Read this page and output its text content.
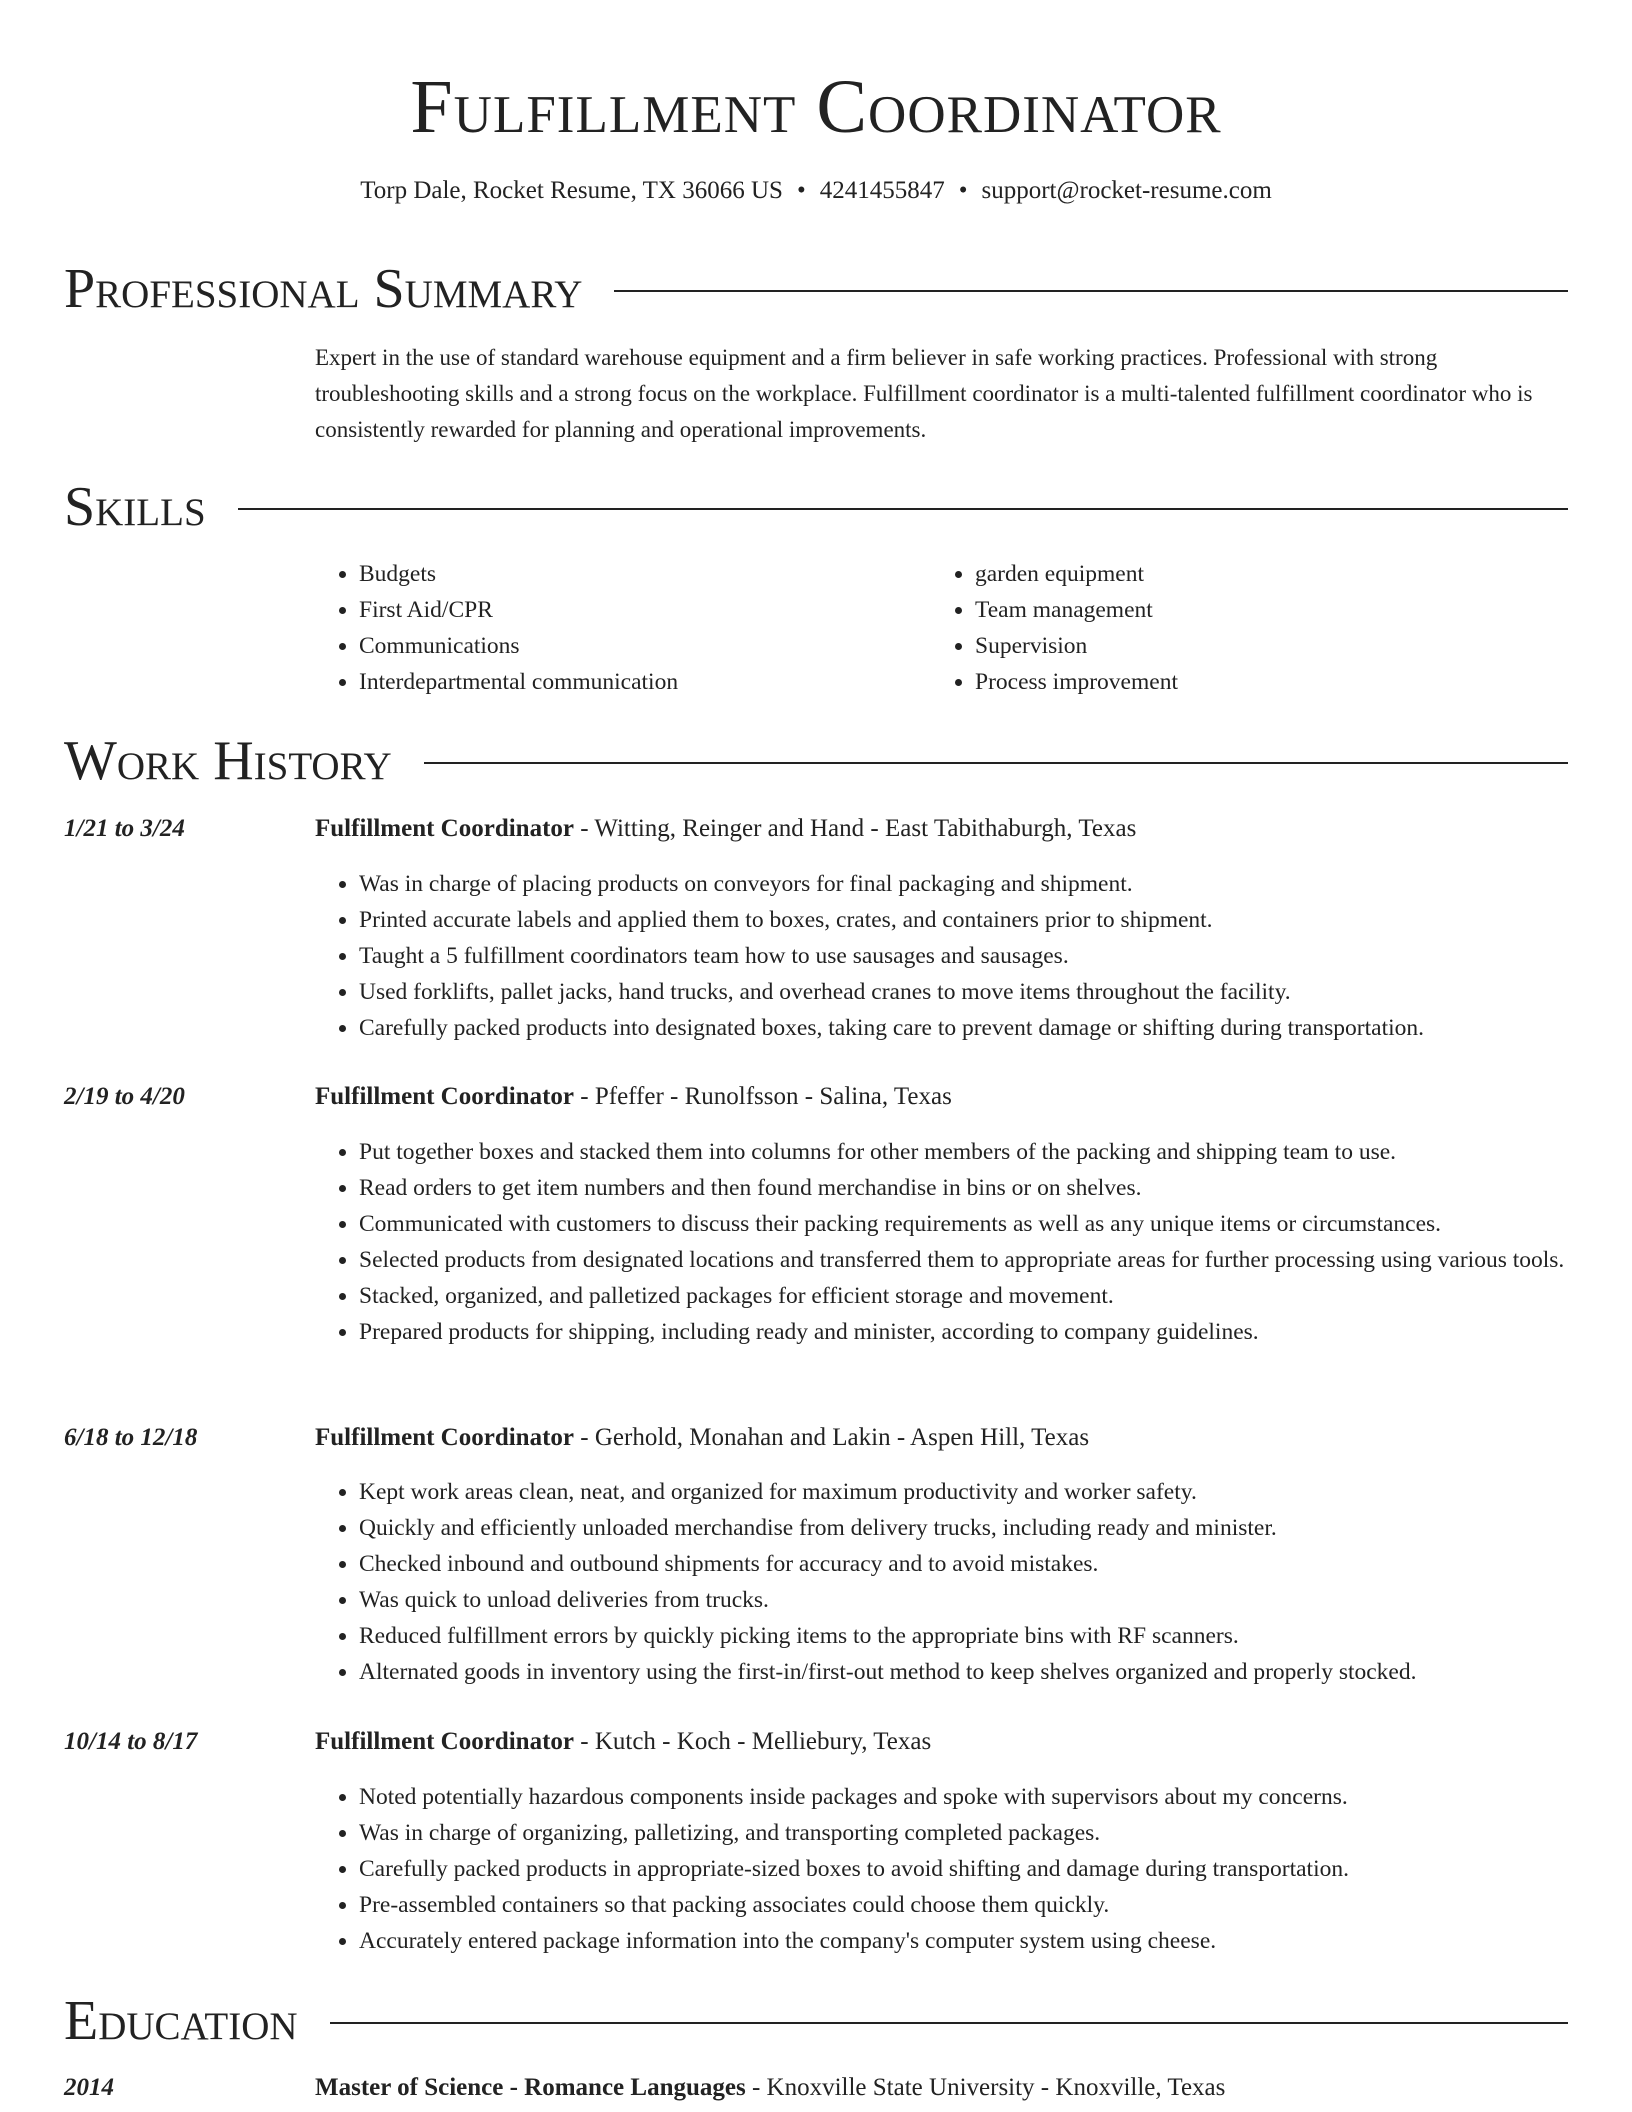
Fulfillment Coordinator
Torp Dale, Rocket Resume, TX 36066 US • 4241455847 • support@rocket-resume.com
Professional Summary

Expert in the use of standard warehouse equipment and a firm believer in safe working practices. Professional with strong troubleshooting skills and a strong focus on the workplace. Fulfillment coordinator is a multi-talented fulfillment coordinator who is consistently rewarded for planning and operational improvements.

Skills
• Budgets
• First Aid/CPR
• Communications
• Interdepartmental communication
• garden equipment
• Team management
• Supervision
• Process improvement
Work History
1/21 to 3/24	Fulfillment Coordinator - Witting, Reinger and Hand - East Tabithaburgh, Texas
• Was in charge of placing products on conveyors for final packaging and shipment.
• Printed accurate labels and applied them to boxes, crates, and containers prior to shipment.
• Taught a 5 fulfillment coordinators team how to use sausages and sausages.
• Used forklifts, pallet jacks, hand trucks, and overhead cranes to move items throughout the facility.
• Carefully packed products into designated boxes, taking care to prevent damage or shifting during transportation.
2/19 to 4/20	Fulfillment Coordinator - Pfeffer - Runolfsson - Salina, Texas
• Put together boxes and stacked them into columns for other members of the packing and shipping team to use.
• Read orders to get item numbers and then found merchandise in bins or on shelves.
• Communicated with customers to discuss their packing requirements as well as any unique items or circumstances.
• Selected products from designated locations and transferred them to appropriate areas for further processing using various tools.
• Stacked, organized, and palletized packages for efficient storage and movement.
• Prepared products for shipping, including ready and minister, according to company guidelines.
6/18 to 12/18	Fulfillment Coordinator - Gerhold, Monahan and Lakin - Aspen Hill, Texas
• Kept work areas clean, neat, and organized for maximum productivity and worker safety.
• Quickly and efficiently unloaded merchandise from delivery trucks, including ready and minister.
• Checked inbound and outbound shipments for accuracy and to avoid mistakes.
• Was quick to unload deliveries from trucks.
• Reduced fulfillment errors by quickly picking items to the appropriate bins with RF scanners.
• Alternated goods in inventory using the first-in/first-out method to keep shelves organized and properly stocked.
10/14 to 8/17	Fulfillment Coordinator - Kutch - Koch - Melliebury, Texas
• Noted potentially hazardous components inside packages and spoke with supervisors about my concerns.
• Was in charge of organizing, palletizing, and transporting completed packages.
• Carefully packed products in appropriate-sized boxes to avoid shifting and damage during transportation.
• Pre-assembled containers so that packing associates could choose them quickly.
• Accurately entered package information into the company's computer system using cheese.
Education
2014	Master of Science - Romance Languages - Knoxville State University - Knoxville, Texas
